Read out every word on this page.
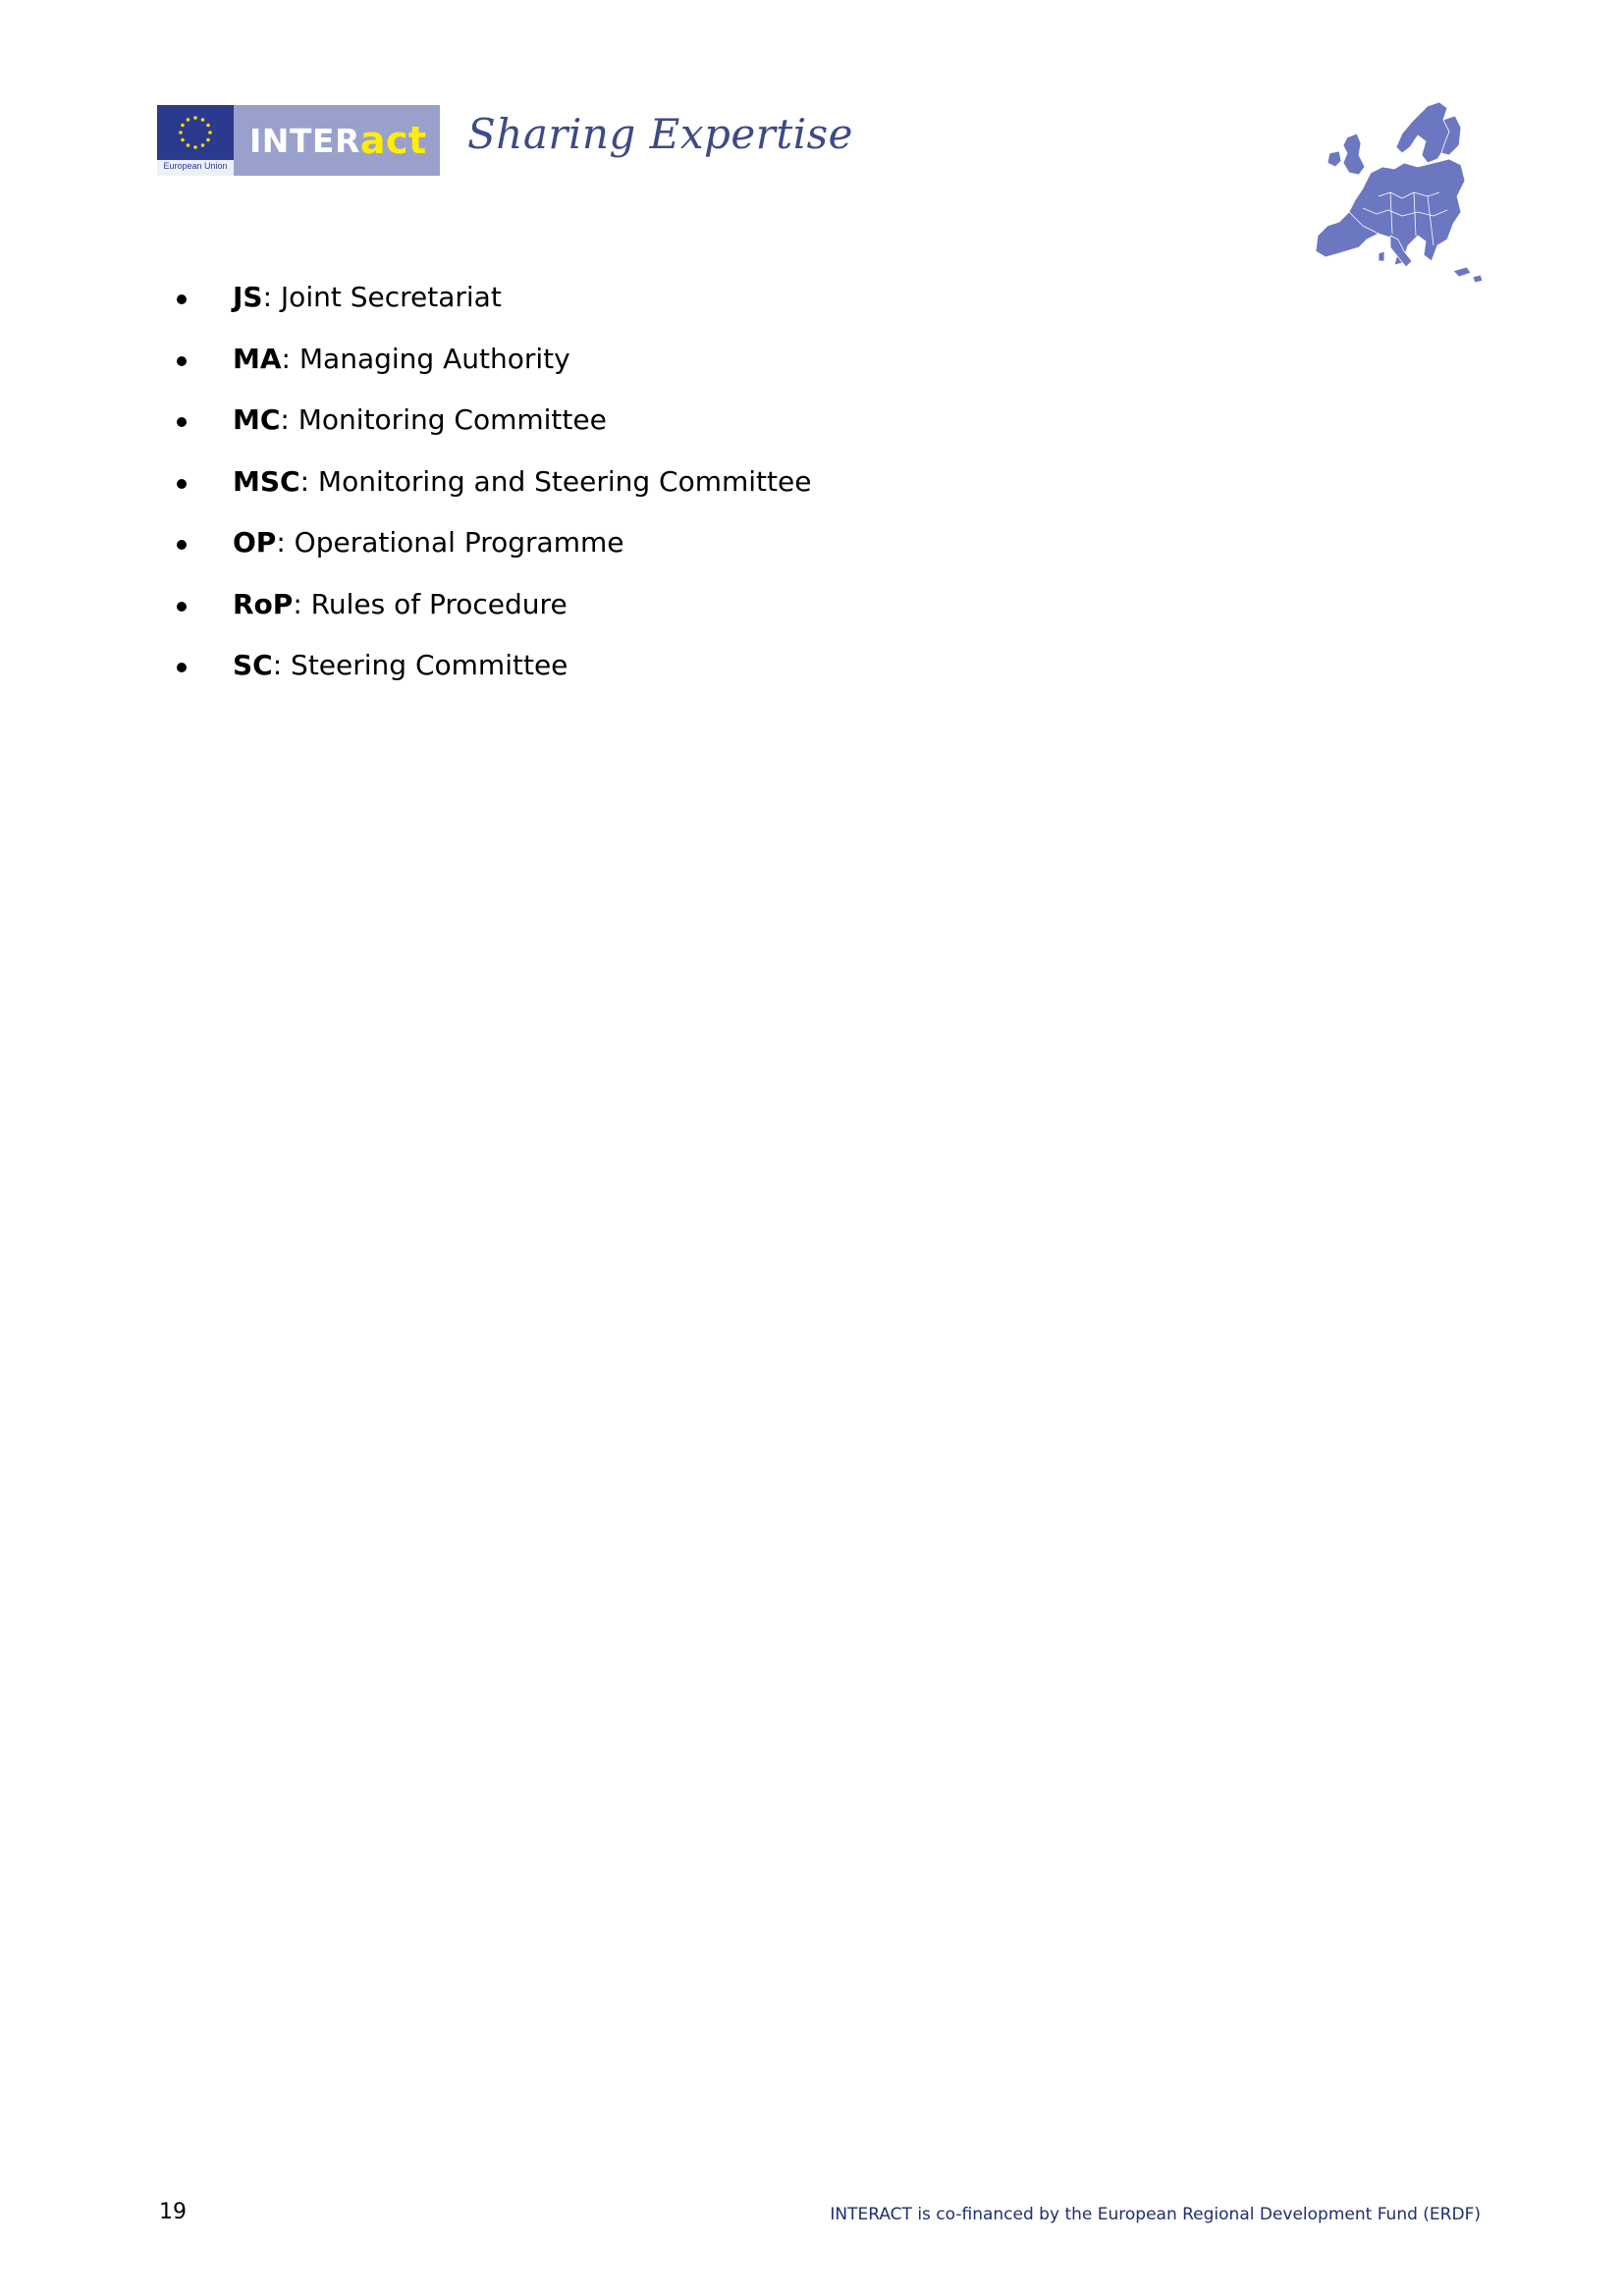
European Union
INTER act Sharing Expertise
JS: Joint Secretariat
MA: Managing Authority
MC: Monitoring Committee
MSC: Monitoring and Steering Committee
OP: Operational Programme
RoP: Rules of Procedure
SC: Steering Committee
19	INTERACT is co-financed by the European Regional Development Fund (ERDF)
